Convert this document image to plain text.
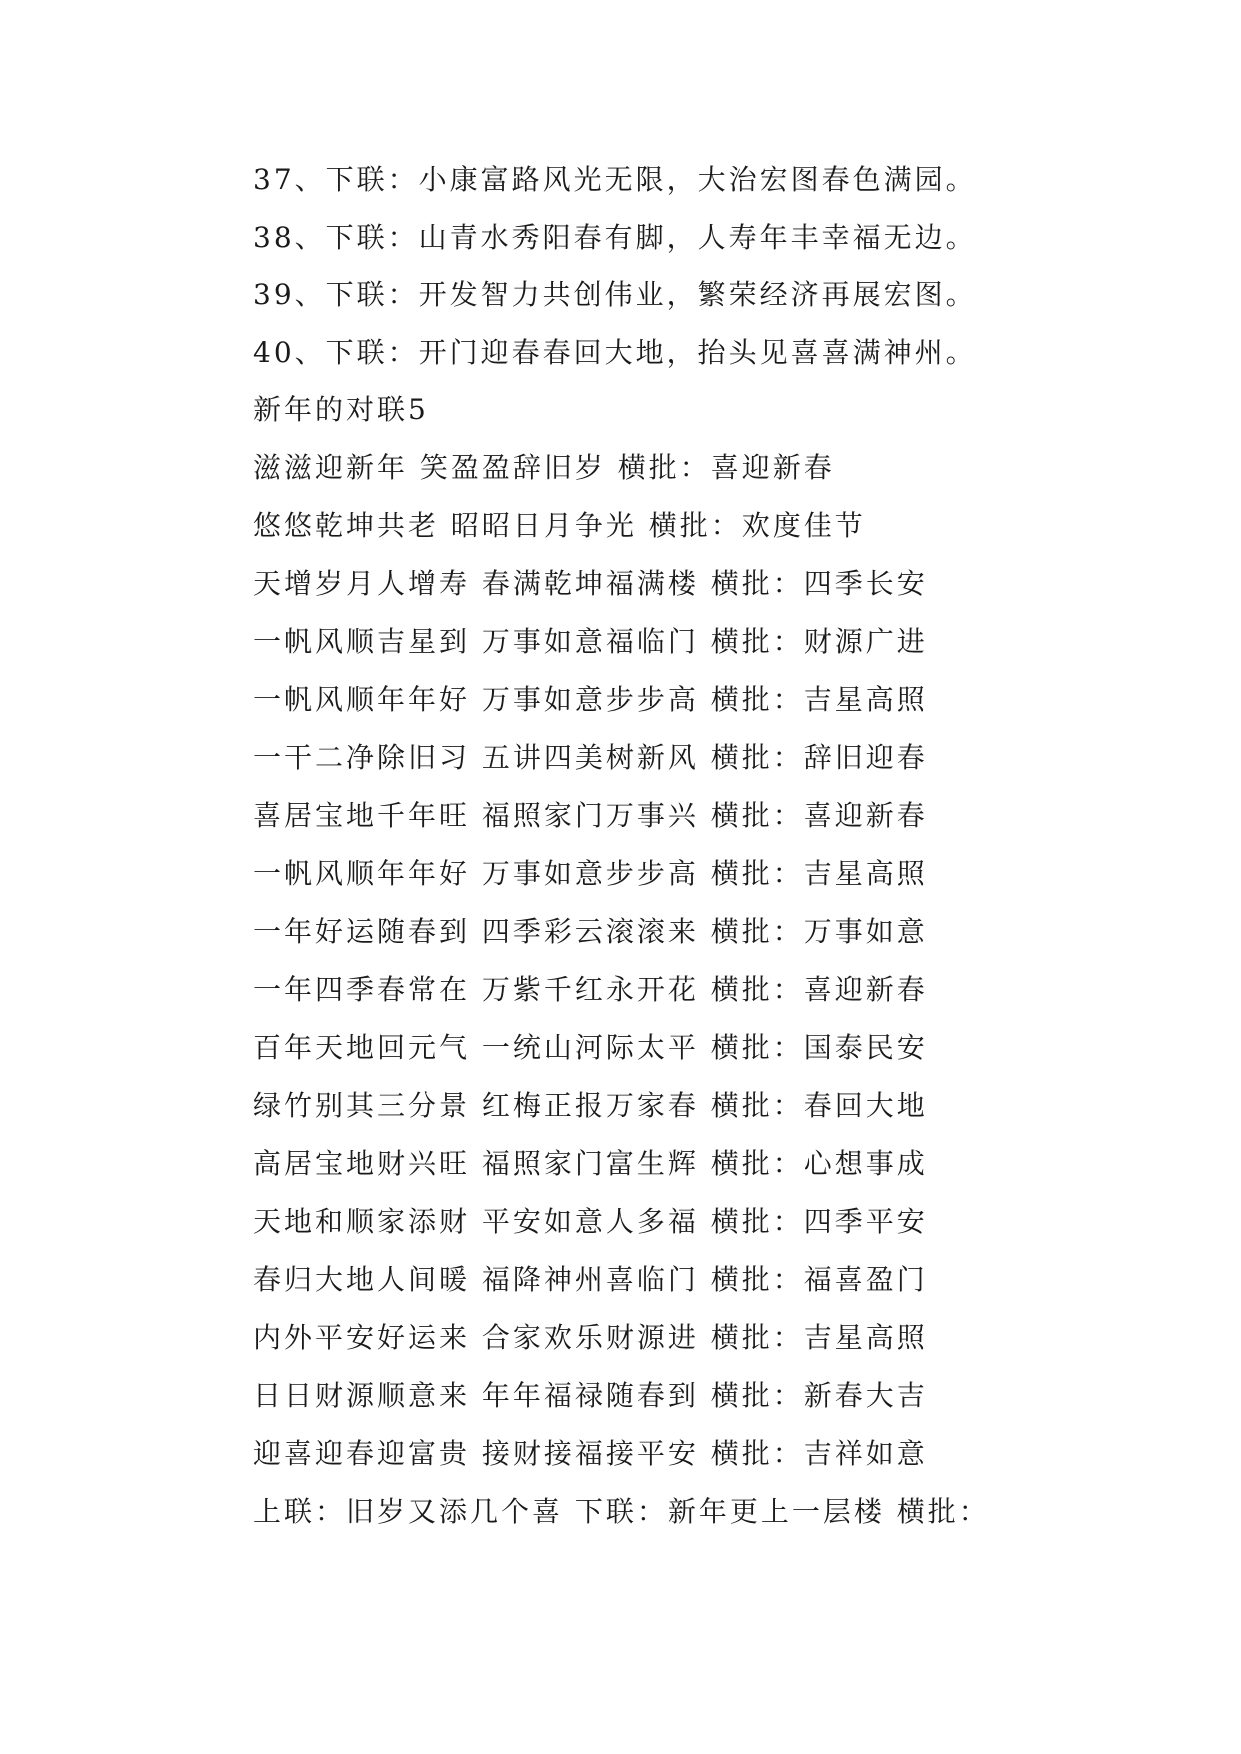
37、下联：小康富路风光无限，大治宏图春色满园。
38、下联：山青水秀阳春有脚，人寿年丰幸福无边。
39、下联：开发智力共创伟业，繁荣经济再展宏图。
40、下联：开门迎春春回大地，抬头见喜喜满神州。
新年的对联5
滋滋迎新年 笑盈盈辞旧岁 横批：喜迎新春
悠悠乾坤共老 昭昭日月争光 横批：欢度佳节
天增岁月人增寿 春满乾坤福满楼 横批：四季长安
一帆风顺吉星到 万事如意福临门 横批：财源广进
一帆风顺年年好 万事如意步步高 横批：吉星高照
一干二净除旧习 五讲四美树新风 横批：辞旧迎春
喜居宝地千年旺 福照家门万事兴 横批：喜迎新春
一帆风顺年年好 万事如意步步高 横批：吉星高照
一年好运随春到 四季彩云滚滚来 横批：万事如意
一年四季春常在 万紫千红永开花 横批：喜迎新春
百年天地回元气 一统山河际太平 横批：国泰民安
绿竹别其三分景 红梅正报万家春 横批：春回大地
高居宝地财兴旺 福照家门富生辉 横批：心想事成
天地和顺家添财 平安如意人多福 横批：四季平安
春归大地人间暖 福降神州喜临门 横批：福喜盈门
内外平安好运来 合家欢乐财源进 横批：吉星高照
日日财源顺意来 年年福禄随春到 横批：新春大吉
迎喜迎春迎富贵 接财接福接平安 横批：吉祥如意
上联：旧岁又添几个喜 下联：新年更上一层楼 横批：
